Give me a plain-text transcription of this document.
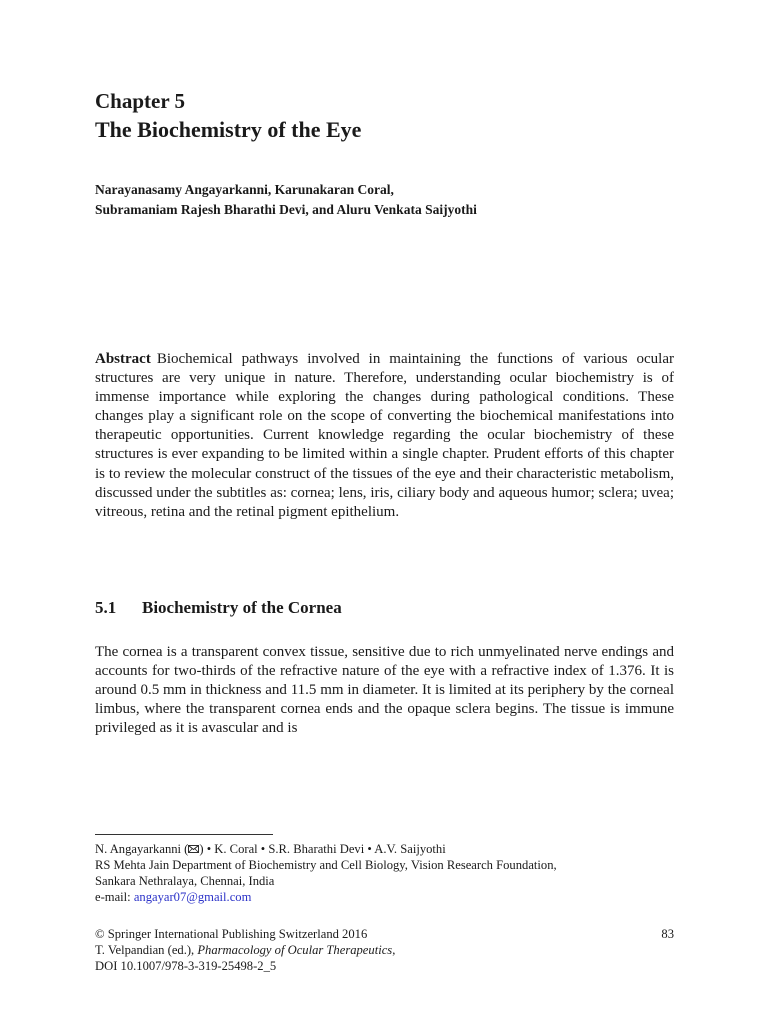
Chapter 5
The Biochemistry of the Eye
Narayanasamy Angayarkanni, Karunakaran Coral,
Subramaniam Rajesh Bharathi Devi, and Aluru Venkata Saijyothi

Abstract Biochemical pathways involved in maintaining the functions of various ocular structures are very unique in nature. Therefore, understanding ocular biochemistry is of immense importance while exploring the changes during pathological conditions. These changes play a significant role on the scope of converting the biochemical manifestations into therapeutic opportunities. Current knowledge regarding the ocular biochemistry of these structures is ever expanding to be limited within a single chapter. Prudent efforts of this chapter is to review the molecular construct of the tissues of the eye and their characteristic metabolism, discussed under the subtitles as: cornea; lens, iris, ciliary body and aqueous humor; sclera; uvea; vitreous, retina and the retinal pigment epithelium.

5.1 Biochemistry of the Cornea

The cornea is a transparent convex tissue, sensitive due to rich unmyelinated nerve endings and accounts for two-thirds of the refractive nature of the eye with a refractive index of 1.376. It is around 0.5 mm in thickness and 11.5 mm in diameter. It is limited at its periphery by the corneal limbus, where the transparent cornea ends and the opaque sclera begins. The tissue is immune privileged as it is avascular and is

N. Angayarkanni ( ) • K. Coral • S.R. Bharathi Devi • A.V. Saijyothi
RS Mehta Jain Department of Biochemistry and Cell Biology, Vision Research Foundation,
Sankara Nethralaya, Chennai, India
e-mail: angayar07@gmail.com
© Springer International Publishing Switzerland 2016
T. Velpandian (ed.), Pharmacology of Ocular Therapeutics,
DOI 10.1007/978-3-319-25498-2_5
83
